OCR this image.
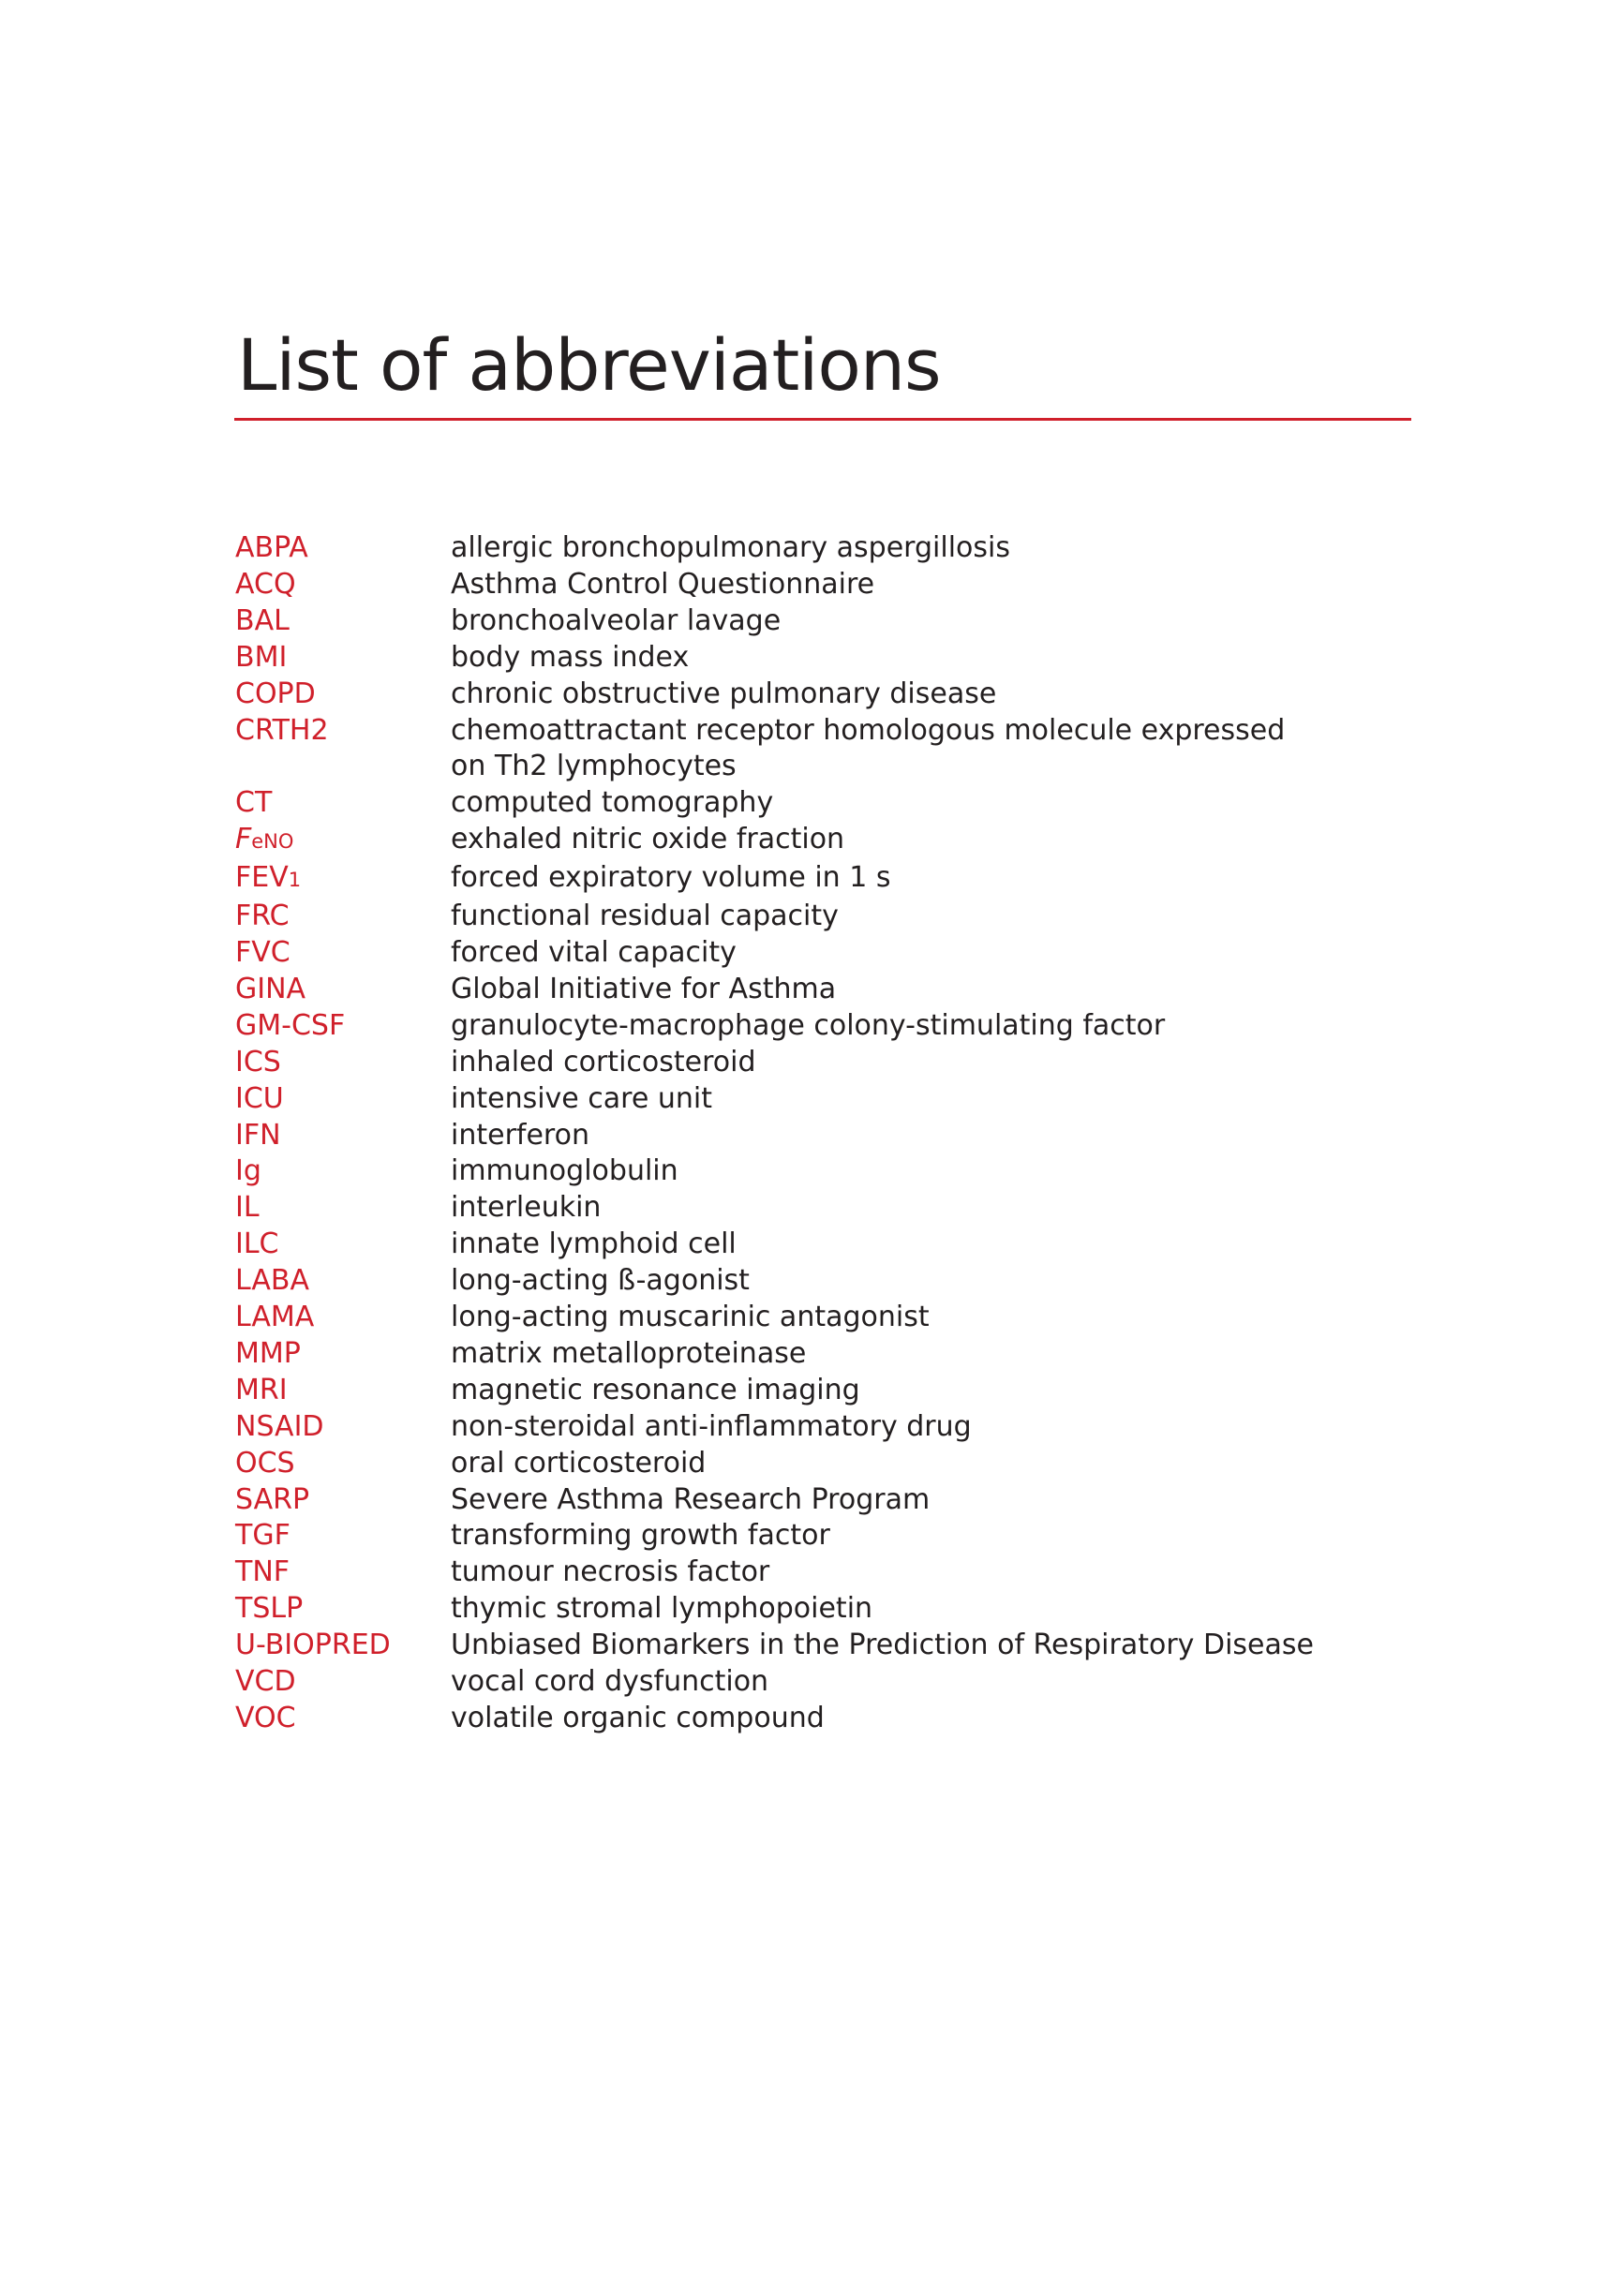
List of abbreviations
ABPA	allergic bronchopulmonary aspergillosis
ACQ	Asthma Control Questionnaire
BAL	bronchoalveolar lavage
BMI	body mass index
COPD	chronic obstructive pulmonary disease
CRTH2	chemoattractant receptor homologous molecule expressed
on Th2 lymphocytes
CT	computed tomography
FeNO	exhaled nitric oxide fraction
FEV1	forced expiratory volume in 1 s
FRC	functional residual capacity
FVC	forced vital capacity
GINA	Global Initiative for Asthma
GM-CSF	granulocyte-macrophage colony-stimulating factor
ICS	inhaled corticosteroid
ICU	intensive care unit
IFN	interferon
Ig	immunoglobulin
IL	interleukin
ILC	innate lymphoid cell
LABA	long-acting ß-agonist
LAMA	long-acting muscarinic antagonist
MMP	matrix metalloproteinase
MRI	magnetic resonance imaging
NSAID	non-steroidal anti-inflammatory drug
OCS	oral corticosteroid
SARP	Severe Asthma Research Program
TGF	transforming growth factor
TNF	tumour necrosis factor
TSLP	thymic stromal lymphopoietin
U-BIOPRED	Unbiased Biomarkers in the Prediction of Respiratory Disease
VCD	vocal cord dysfunction
VOC	volatile organic compound
